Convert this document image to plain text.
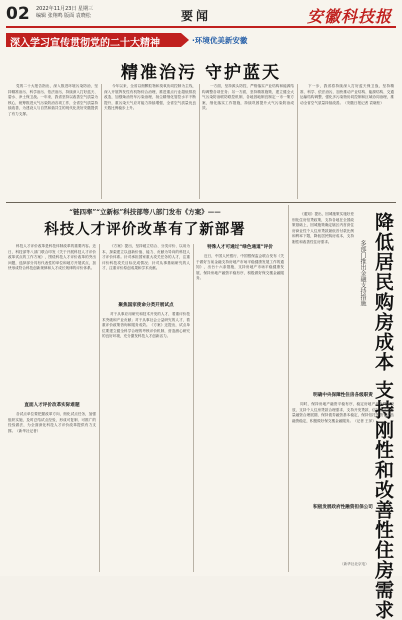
02 2022年11月23日 星期三
编辑 张翔鸣 版面 袁晓松	要闻	安徽科技报
深入学习宣传贯彻党的二十大精神	·环境优美新安徽
精准治污 守护蓝天

党的二十大报告指出，深入推进环境污染防治，坚持精准治污、科学治污、依法治污，持续深入打好蓝天、碧水、净土保卫战。一年来，我省坚持以改善空气质量为核心，统筹推进大气污染防治各项工作，全省空气质量持续改善，为建设人与自然和谐共生的现代化美好安徽提供了有力支撑。

今年以来，全省以细颗粒物和臭氧协同控制为主线，深入开展挥发性有机物综合治理，推进重点行业超低排放改造，加强柴油货车污染治理，扬尘精细化管控水平不断提升，重污染天气应对能力持续增强，全省空气质量优良天数比例稳步上升。

一方面，坚持源头防控，严格落实产业结构和能源结构调整各项任务；另一方面，坚持精准施策，建立健全大气污染防治联防联控机制，各地因地制宜制定一市一策方案，细化落实工作措施，持续巩固提升大气污染防治成效。

下一步，我省将持续深入打好蓝天保卫战，坚持精准、科学、依法治污，加快推动产业结构、能源结构、交通运输结构调整，强化多污染物协同控制和区域协同治理，推动全省空气质量持续改善。（安徽日报记者 袁晓松）

“链四率”“立新标”科技部等八部门发布《方案》——
科技人才评价改革有了新部署

科技人才评价改革是科技体制改革的重要内容。近日，科技部等八部门联合印发《关于开展科技人才评价改革试点的工作方案》，围绕科技人才评价改革的突出问题，选择部分具有代表性的单位和地方开展试点，加快形成符合科技创新规律和人才成长规律的评价体系。

直面人才评价改革实际难题

各试点单位要把握改革方向，细化试点任务，加强组织实施，及时总结试点经验，形成可复制、可推广的经验做法，为全面深化科技人才评价改革提供有力支撑。（新华社记者）

《方案》提出，坚持破立结合、分类评价、以用为本，探索建立以创新价值、能力、贡献为导向的科技人才评价体系。针对承担国家重大攻关任务的人才，注重评价科技攻关目标完成情况；针对从事基础研究的人才，注重评价原创成果和学术贡献。

聚焦国家使命分类开展试点

对于从事应用研究和技术开发的人才，着重评价技术突破和产业贡献；对于从事社会公益研究的人才，着重评价政策咨询和服务成效。《方案》还提出，试点单位要建立健全科学合理的考核评价机制，营造潜心研究的良好环境，充分激发科技人才创新活力。

特殊人才可通过“绿色通道”评价

近日，中国人民银行、中国银保监会联合发布《关于做好当前金融支持房地产市场平稳健康发展工作的通知》，出台十六条措施，支持房地产市场平稳健康发展，保持房地产融资平稳有序，积极做好保交楼金融服务。	降低居民购房成本 支持刚性和改善性住房需求
多部门推出金融支持措施

《通知》提出，因城施策实施好差别化住房信贷政策，支持各地在全国政策基础上，因城施策确定辖区内首套住房商业性个人住房贷款最低首付款比例和利率下限，降低居民购房成本，支持刚性和改善性住房需求。

明确中央保障性住房各级职责

同时，保持房地产融资平稳有序，稳定房地产开发贷款投放，支持个人住房贷款合理需求，支持开发贷款、信托贷款等存量融资合理展期，保持债券融资基本稳定，保持信托等资管产品融资稳定，积极做好保交楼金融服务。（记者 王萍）

积极发展政府性融资担保公司
（新华社北京电）
